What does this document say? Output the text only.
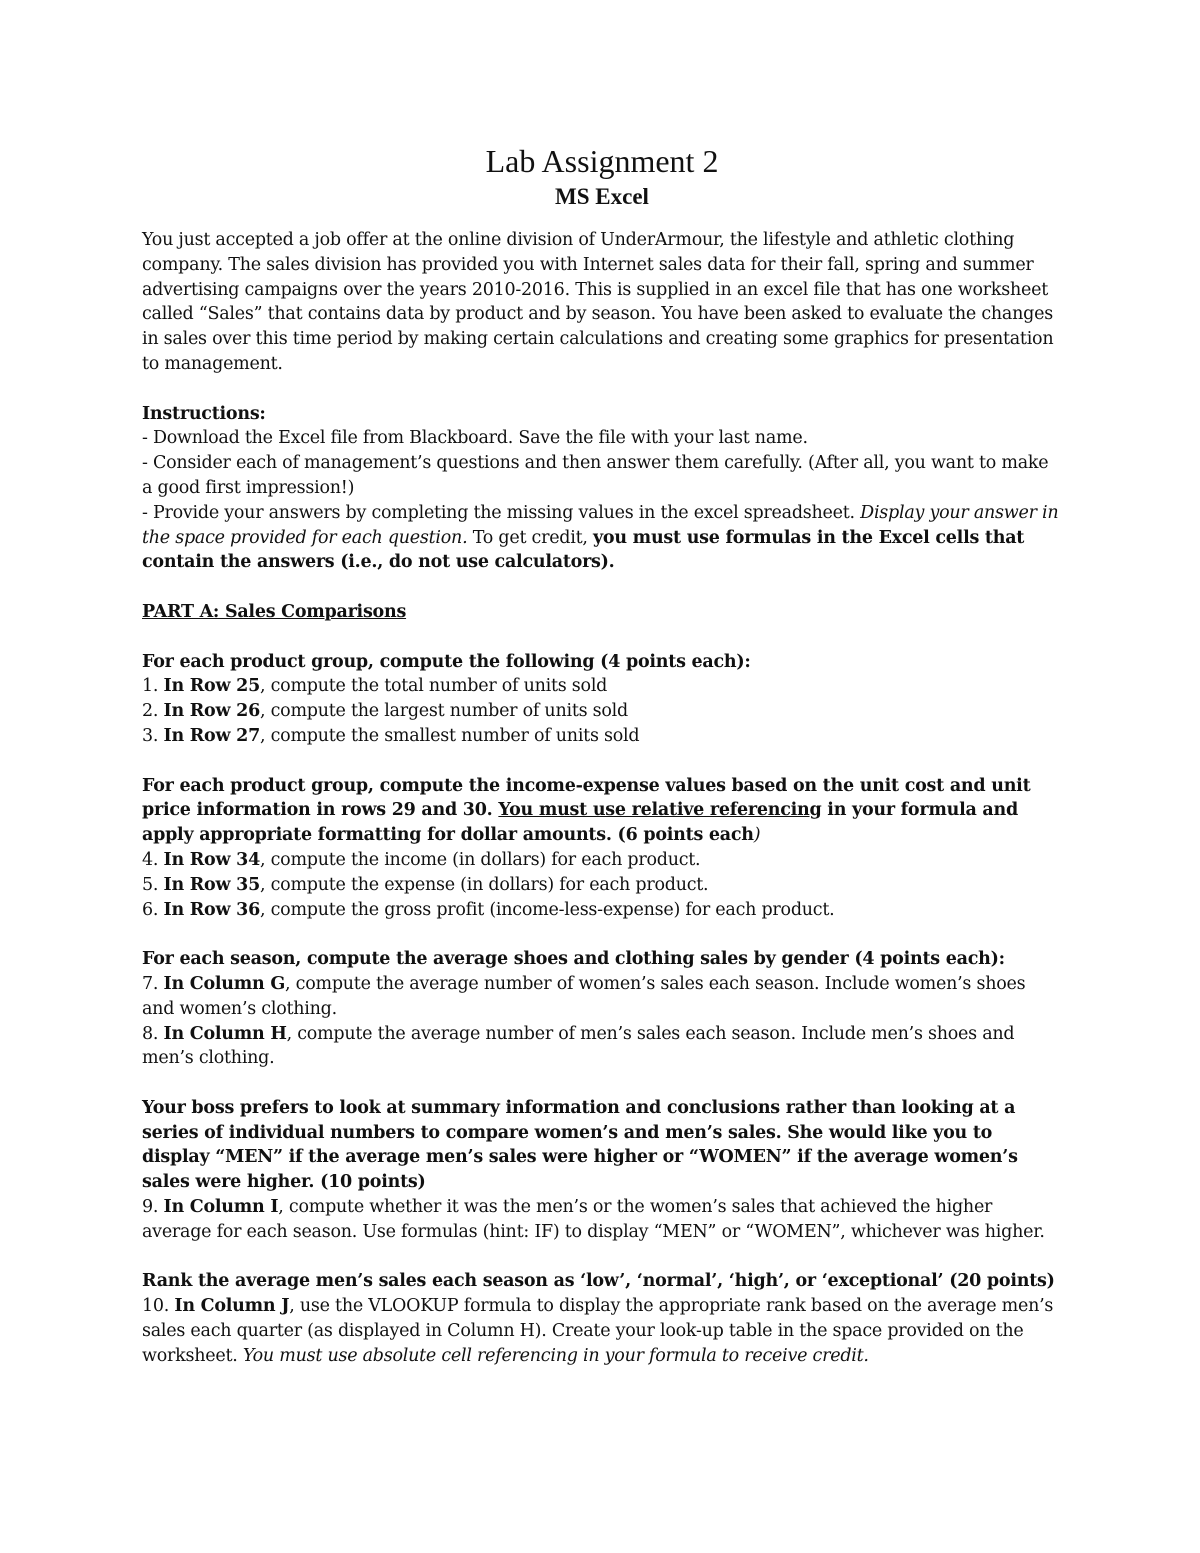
Lab Assignment 2
MS Excel

You just accepted a job offer at the online division of UnderArmour, the lifestyle and athletic clothing company. The sales division has provided you with Internet sales data for their fall, spring and summer advertising campaigns over the years 2010-2016. This is supplied in an excel file that has one worksheet called “Sales” that contains data by product and by season. You have been asked to evaluate the changes in sales over this time period by making certain calculations and creating some graphics for presentation to management.

Instructions:

- Download the Excel file from Blackboard. Save the file with your last name.

- Consider each of management’s questions and then answer them carefully. (After all, you want to make a good first impression!)

- Provide your answers by completing the missing values in the excel spreadsheet. Display your answer in the space provided for each question. To get credit, you must use formulas in the Excel cells that contain the answers (i.e., do not use calculators).

PART A: Sales Comparisons

For each product group, compute the following (4 points each):

1. In Row 25, compute the total number of units sold

2. In Row 26, compute the largest number of units sold

3. In Row 27, compute the smallest number of units sold

For each product group, compute the income-expense values based on the unit cost and unit price information in rows 29 and 30. You must use relative referencing in your formula and apply appropriate formatting for dollar amounts. (6 points each)

4. In Row 34, compute the income (in dollars) for each product.

5. In Row 35, compute the expense (in dollars) for each product.

6. In Row 36, compute the gross profit (income-less-expense) for each product.

For each season, compute the average shoes and clothing sales by gender (4 points each):

7. In Column G, compute the average number of women’s sales each season. Include women’s shoes and women’s clothing.

8. In Column H, compute the average number of men’s sales each season. Include men’s shoes and men’s clothing.

Your boss prefers to look at summary information and conclusions rather than looking at a series of individual numbers to compare women’s and men’s sales. She would like you to display “MEN” if the average men’s sales were higher or “WOMEN” if the average women’s sales were higher. (10 points)

9. In Column I, compute whether it was the men’s or the women’s sales that achieved the higher average for each season. Use formulas (hint: IF) to display “MEN” or “WOMEN”, whichever was higher.

Rank the average men’s sales each season as ‘low’, ‘normal’, ‘high’, or ‘exceptional’ (20 points)

10. In Column J, use the VLOOKUP formula to display the appropriate rank based on the average men’s sales each quarter (as displayed in Column H). Create your look-up table in the space provided on the worksheet. You must use absolute cell referencing in your formula to receive credit.
